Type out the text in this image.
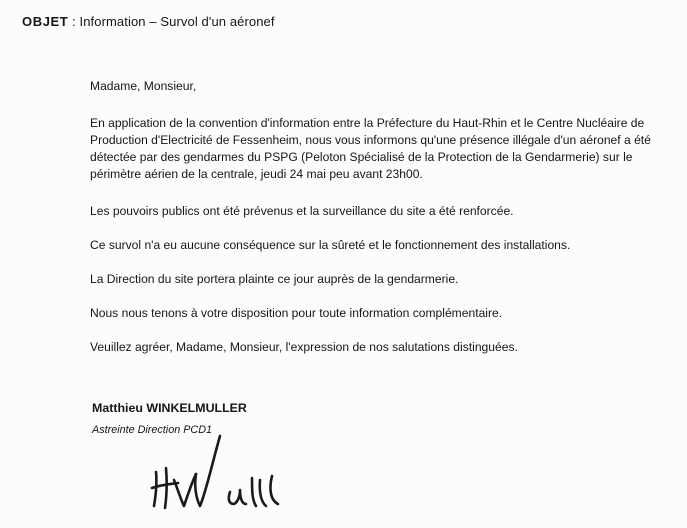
OBJET : Information – Survol d'un aéronef

Madame, Monsieur,

En application de la convention d'information entre la Préfecture du Haut-Rhin et le Centre Nucléaire de Production d'Electricité de Fessenheim, nous vous informons qu'une présence illégale d'un aéronef a été détectée par des gendarmes du PSPG (Peloton Spécialisé de la Protection de la Gendarmerie) sur le périmètre aérien de la centrale, jeudi 24 mai peu avant 23h00.

Les pouvoirs publics ont été prévenus et la surveillance du site a été renforcée.

Ce survol n'a eu aucune conséquence sur la sûreté et le fonctionnement des installations.

La Direction du site portera plainte ce jour auprès de la gendarmerie.

Nous nous tenons à votre disposition pour toute information complémentaire.

Veuillez agréer, Madame, Monsieur, l'expression de nos salutations distinguées.

Matthieu WINKELMULLER
Astreinte Direction PCD1
